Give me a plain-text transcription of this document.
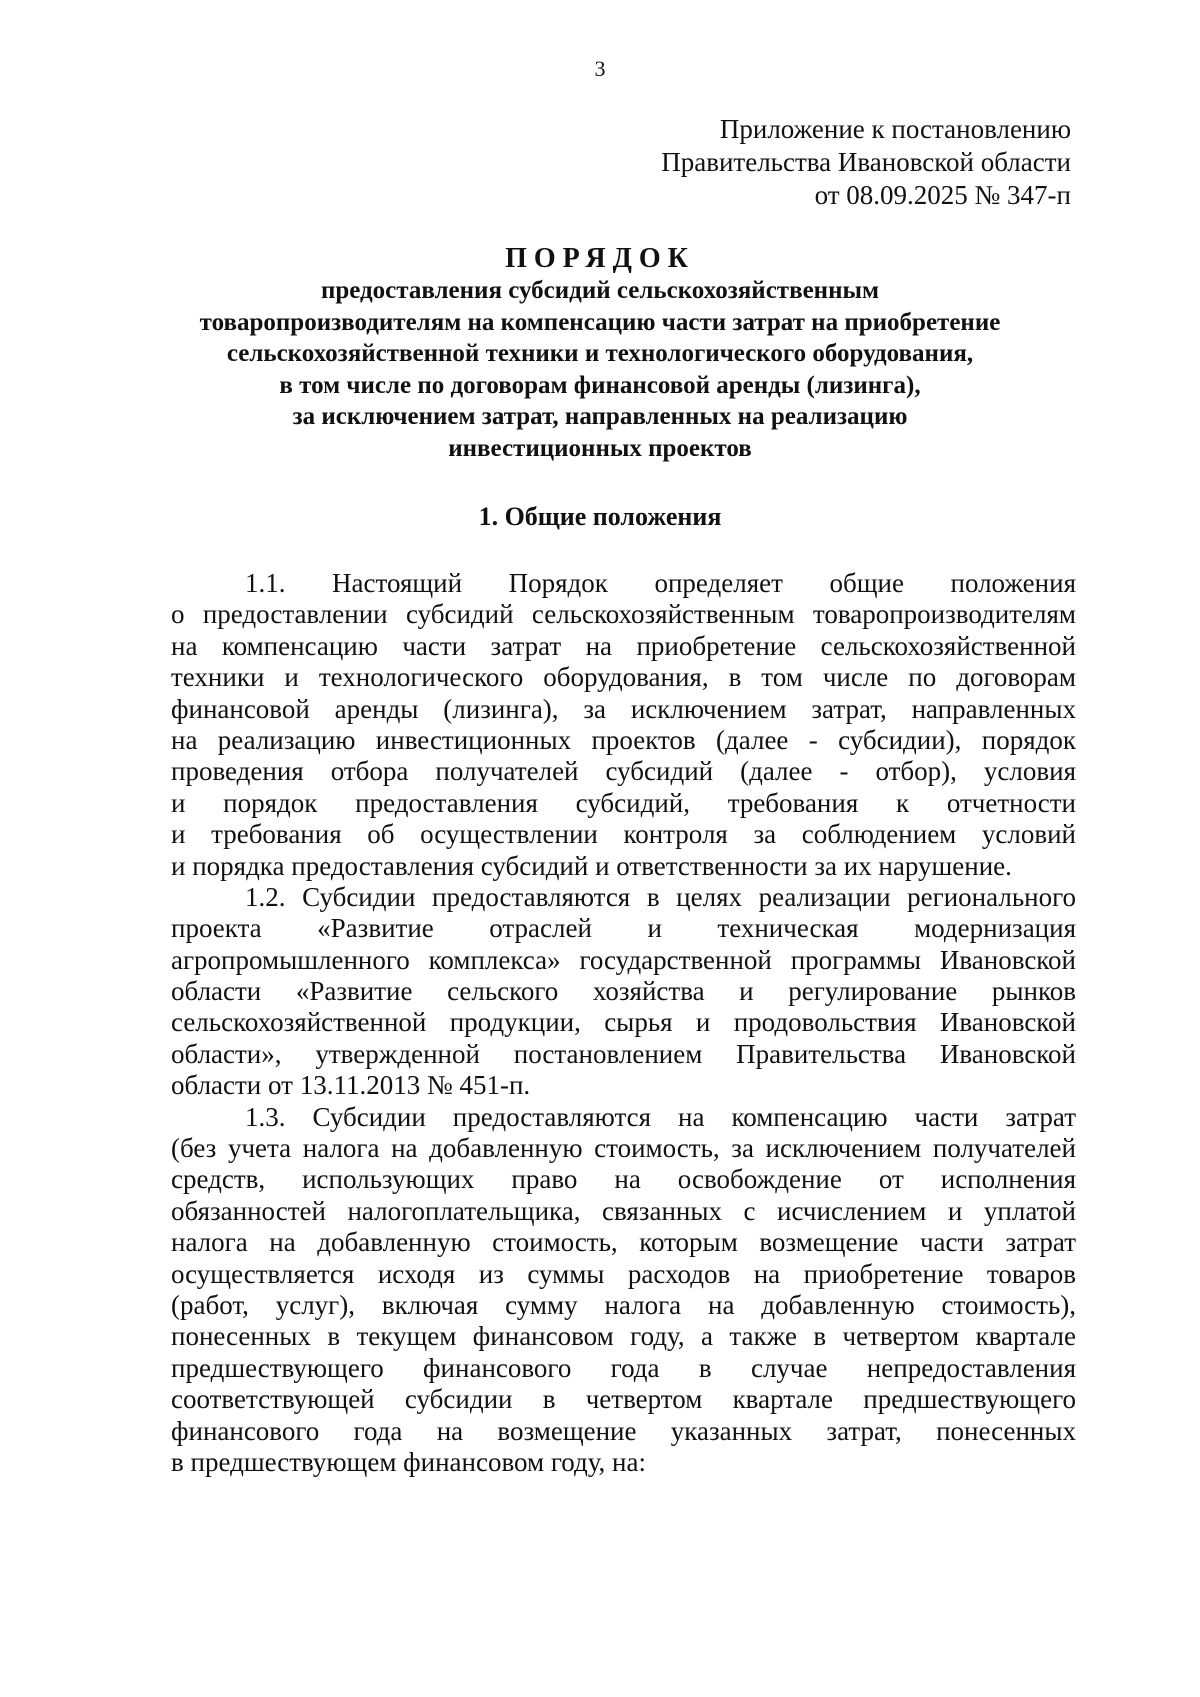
3
Приложение к постановлению
Правительства Ивановской области
от 08.09.2025 № 347-п
ПОРЯДОК
предоставления субсидий сельскохозяйственным
товаропроизводителям на компенсацию части затрат на приобретение
сельскохозяйственной техники и технологического оборудования,
в том числе по договорам финансовой аренды (лизинга),
за исключением затрат, направленных на реализацию
инвестиционных проектов
1. Общие положения
1.1. Настоящий Порядок определяет общие положения
о предоставлении субсидий сельскохозяйственным товаропроизводителям
на компенсацию части затрат на приобретение сельскохозяйственной
техники и технологического оборудования, в том числе по договорам
финансовой аренды (лизинга), за исключением затрат, направленных
на реализацию инвестиционных проектов (далее - субсидии), порядок
проведения отбора получателей субсидий (далее - отбор), условия
и порядок предоставления субсидий, требования к отчетности
и требования об осуществлении контроля за соблюдением условий
и порядка предоставления субсидий и ответственности за их нарушение.
1.2. Субсидии предоставляются в целях реализации регионального
проекта «Развитие отраслей и техническая модернизация
агропромышленного комплекса» государственной программы Ивановской
области «Развитие сельского хозяйства и регулирование рынков
сельскохозяйственной продукции, сырья и продовольствия Ивановской
области», утвержденной постановлением Правительства Ивановской
области от 13.11.2013 № 451-п.
1.3. Субсидии предоставляются на компенсацию части затрат
(без учета налога на добавленную стоимость, за исключением получателей
средств, использующих право на освобождение от исполнения
обязанностей налогоплательщика, связанных с исчислением и уплатой
налога на добавленную стоимость, которым возмещение части затрат
осуществляется исходя из суммы расходов на приобретение товаров
(работ, услуг), включая сумму налога на добавленную стоимость),
понесенных в текущем финансовом году, а также в четвертом квартале
предшествующего финансового года в случае непредоставления
соответствующей субсидии в четвертом квартале предшествующего
финансового года на возмещение указанных затрат, понесенных
в предшествующем финансовом году, на:
